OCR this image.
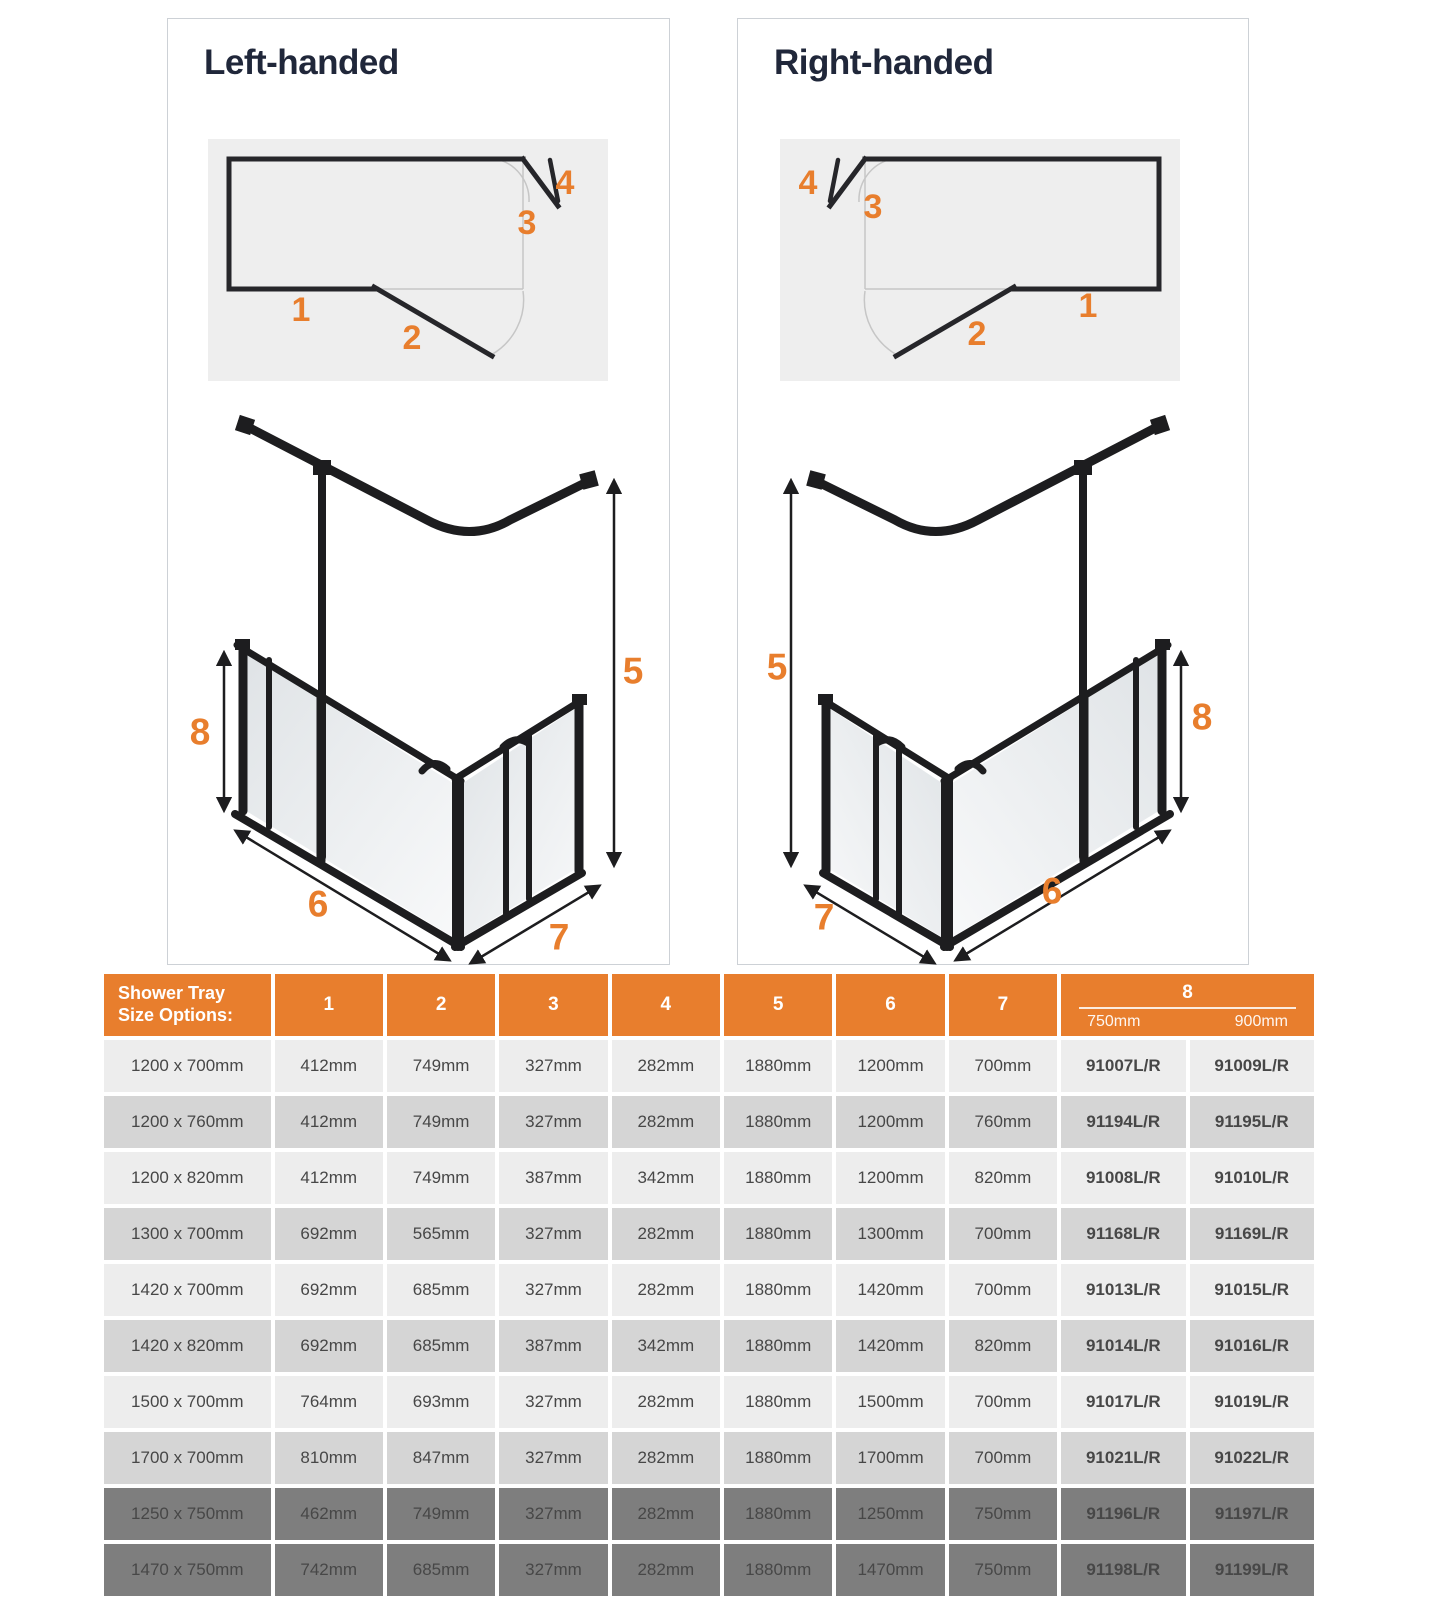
Left-handed
1
2
3
4
8
5
6
7
Right-handed
4
3
2
1
5
8
6
7
Shower Tray
Size Options:	1	2	3	4	5	6	7	
8
750mm	900mm

1200 x 700mm	412mm	749mm	327mm	282mm	1880mm	1200mm	700mm	91007L/R	91009L/R
1200 x 760mm	412mm	749mm	327mm	282mm	1880mm	1200mm	760mm	91194L/R	91195L/R
1200 x 820mm	412mm	749mm	387mm	342mm	1880mm	1200mm	820mm	91008L/R	91010L/R
1300 x 700mm	692mm	565mm	327mm	282mm	1880mm	1300mm	700mm	91168L/R	91169L/R
1420 x 700mm	692mm	685mm	327mm	282mm	1880mm	1420mm	700mm	91013L/R	91015L/R
1420 x 820mm	692mm	685mm	387mm	342mm	1880mm	1420mm	820mm	91014L/R	91016L/R
1500 x 700mm	764mm	693mm	327mm	282mm	1880mm	1500mm	700mm	91017L/R	91019L/R
1700 x 700mm	810mm	847mm	327mm	282mm	1880mm	1700mm	700mm	91021L/R	91022L/R
1250 x 750mm	462mm	749mm	327mm	282mm	1880mm	1250mm	750mm	91196L/R	91197L/R
1470 x 750mm	742mm	685mm	327mm	282mm	1880mm	1470mm	750mm	91198L/R	91199L/R
